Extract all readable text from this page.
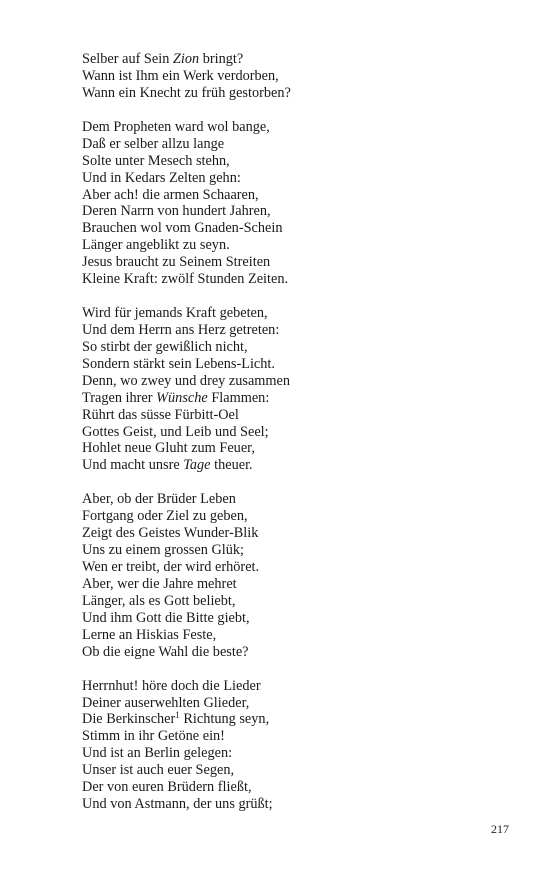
Selber auf Sein Zion bringt?
Wann ist Ihm ein Werk verdorben,
Wann ein Knecht zu früh gestorben?
Dem Propheten ward wol bange,
Daß er selber allzu lange
Solte unter Mesech stehn,
Und in Kedars Zelten gehn:
Aber ach! die armen Schaaren,
Deren Narrn von hundert Jahren,
Brauchen wol vom Gnaden-Schein
Länger angeblikt zu seyn.
Jesus braucht zu Seinem Streiten
Kleine Kraft: zwölf Stunden Zeiten.
Wird für jemands Kraft gebeten,
Und dem Herrn ans Herz getreten:
So stirbt der gewißlich nicht,
Sondern stärkt sein Lebens-Licht.
Denn, wo zwey und drey zusammen
Tragen ihrer Wünsche Flammen:
Rührt das süsse Fürbitt-Oel
Gottes Geist, und Leib und Seel;
Hohlet neue Gluht zum Feuer,
Und macht unsre Tage theuer.
Aber, ob der Brüder Leben
Fortgang oder Ziel zu geben,
Zeigt des Geistes Wunder-Blik
Uns zu einem grossen Glük;
Wen er treibt, der wird erhöret.
Aber, wer die Jahre mehret
Länger, als es Gott beliebt,
Und ihm Gott die Bitte giebt,
Lerne an Hiskias Feste,
Ob die eigne Wahl die beste?
Herrnhut! höre doch die Lieder
Deiner auserwehlten Glieder,
Die Berkinscher$^1$ Richtung seyn,
Stimm in ihr Getöne ein!
Und ist an Berlin gelegen:
Unser ist auch euer Segen,
Der von euren Brüdern fließt,
Und von Astmann, der uns grüßt;
217
